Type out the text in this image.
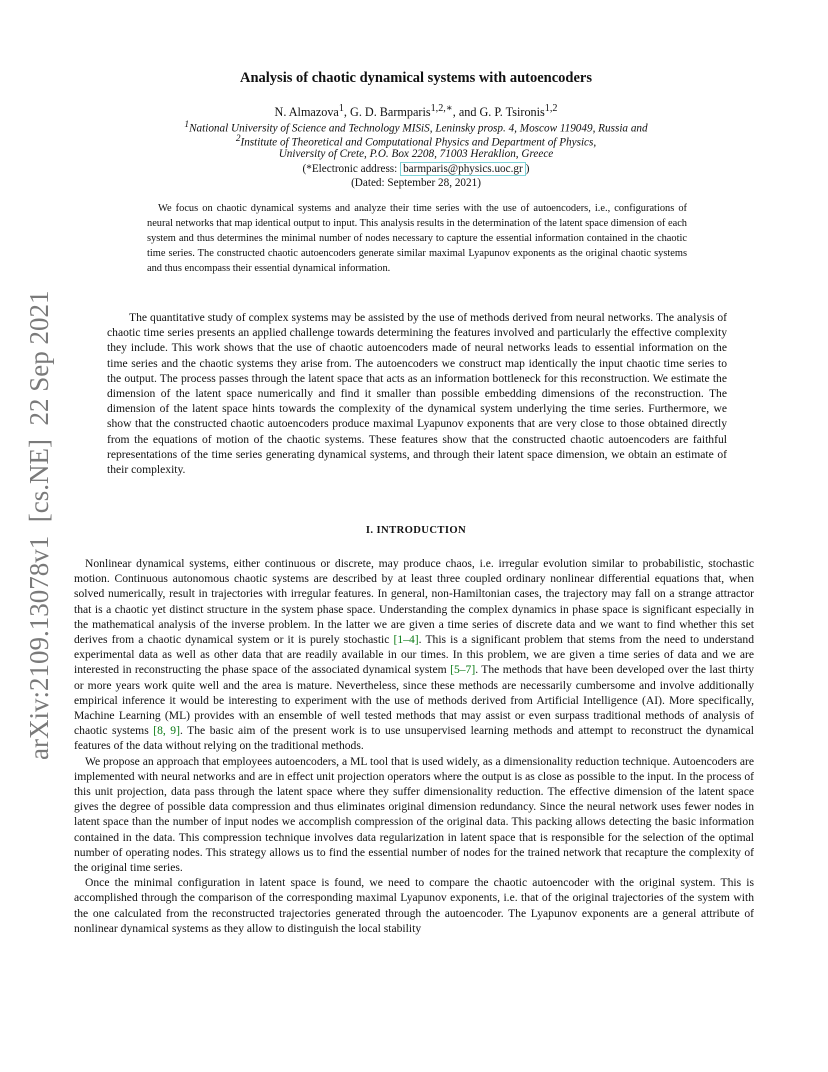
arXiv:2109.13078v1  [cs.NE]  22 Sep 2021
Analysis of chaotic dynamical systems with autoencoders
N. Almazova$^1$, G. D. Barmparis$^{1,2,∗}$, and G. P. Tsironis$^{1,2}$
$^1$National University of Science and Technology MISiS, Leninsky prosp. 4, Moscow 119049, Russia and
$^2$Institute of Theoretical and Computational Physics and Department of Physics,
University of Crete, P.O. Box 2208, 71003 Heraklion, Greece
(*Electronic address: barmparis@physics.uoc.gr )
(Dated: September 28, 2021)
We focus on chaotic dynamical systems and analyze their time series with the use of autoencoders, i.e., configurations of neural networks that map identical output to input. This analysis results in the determination of the latent space dimension of each system and thus determines the minimal number of nodes necessary to capture the essential information contained in the chaotic time series. The constructed chaotic autoencoders generate similar maximal Lyapunov exponents as the original chaotic systems and thus encompass their essential dynamical information.
The quantitative study of complex systems may be assisted by the use of methods derived from neural networks. The analysis of chaotic time series presents an applied challenge towards determining the features involved and particularly the effective complexity they include. This work shows that the use of chaotic autoencoders made of neural networks leads to essential information on the time series and the chaotic systems they arise from. The autoencoders we construct map identically the input chaotic time series to the output. The process passes through the latent space that acts as an information bottleneck for this reconstruction. We estimate the dimension of the latent space numerically and find it smaller than possible embedding dimensions of the reconstruction. The dimension of the latent space hints towards the complexity of the dynamical system underlying the time series. Furthermore, we show that the constructed chaotic autoencoders produce maximal Lyapunov exponents that are very close to those obtained directly from the equations of motion of the chaotic systems. These features show that the constructed chaotic autoencoders are faithful representations of the time series generating dynamical systems, and through their latent space dimension, we obtain an estimate of their complexity.
I. INTRODUCTION

Nonlinear dynamical systems, either continuous or discrete, may produce chaos, i.e. irregular evolution similar to probabilistic, stochastic motion. Continuous autonomous chaotic systems are described by at least three coupled ordinary nonlinear differential equations that, when solved numerically, result in trajectories with irregular features. In general, non-Hamiltonian cases, the trajectory may fall on a strange attractor that is a chaotic yet distinct structure in the system phase space. Understanding the complex dynamics in phase space is significant especially in the mathematical analysis of the inverse problem. In the latter we are given a time series of discrete data and we want to find whether this set derives from a chaotic dynamical system or it is purely stochastic [1–4]. This is a significant problem that stems from the need to understand experimental data as well as other data that are readily available in our times. In this problem, we are given a time series of data and we are interested in reconstructing the phase space of the associated dynamical system [5–7]. The methods that have been developed over the last thirty or more years work quite well and the area is mature. Nevertheless, since these methods are necessarily cumbersome and involve additionally empirical inference it would be interesting to experiment with the use of methods derived from Artificial Intelligence (AI). More specifically, Machine Learning (ML) provides with an ensemble of well tested methods that may assist or even surpass traditional methods of analysis of chaotic systems [8, 9]. The basic aim of the present work is to use unsupervised learning methods and attempt to reconstruct the dynamical features of the data without relying on the traditional methods.

We propose an approach that employees autoencoders, a ML tool that is used widely, as a dimensionality reduction technique. Autoencoders are implemented with neural networks and are in effect unit projection operators where the output is as close as possible to the input. In the process of this unit projection, data pass through the latent space where they suffer dimensionality reduction. The effective dimension of the latent space gives the degree of possible data compression and thus eliminates original dimension redundancy. Since the neural network uses fewer nodes in latent space than the number of input nodes we accomplish compression of the original data. This packing allows detecting the basic information contained in the data. This compression technique involves data regularization in latent space that is responsible for the selection of the optimal number of operating nodes. This strategy allows us to find the essential number of nodes for the trained network that recapture the complexity of the original time series.

Once the minimal configuration in latent space is found, we need to compare the chaotic autoencoder with the original system. This is accomplished through the comparison of the corresponding maximal Lyapunov exponents, i.e. that of the original trajectories of the system with the one calculated from the reconstructed trajectories generated through the autoencoder. The Lyapunov exponents are a general attribute of nonlinear dynamical systems as they allow to distinguish the local stability
